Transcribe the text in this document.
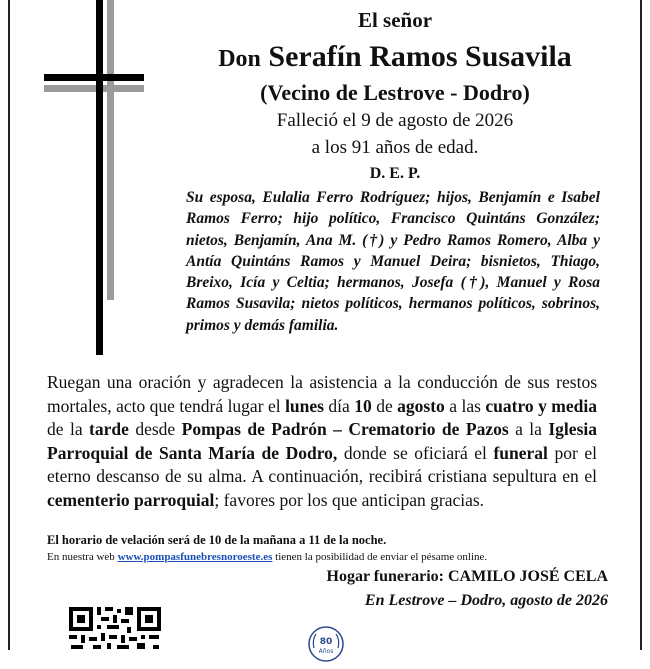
El señor
Don Serafín Ramos Susavila
(Vecino de Lestrove - Dodro)
Falleció el 9 de agosto de 2026
a los 91 años de edad.
D. E. P.
Su esposa, Eulalia Ferro Rodríguez; hijos, Benjamín e Isabel Ramos Ferro; hijo político, Francisco Quintáns González; nietos, Benjamín, Ana M. (†) y Pedro Ramos Romero, Alba y Antía Quintáns Ramos y Manuel Deira; bisnietos, Thiago, Breixo, Icía y Celtia; hermanos, Josefa (†), Manuel y Rosa Ramos Susavila; nietos políticos, hermanos políticos, sobrinos, primos y demás familia.
Ruegan una oración y agradecen la asistencia a la conducción de sus restos mortales, acto que tendrá lugar el lunes día 10 de agosto a las cuatro y media de la tarde desde Pompas de Padrón – Crematorio de Pazos a la Iglesia Parroquial de Santa María de Dodro, donde se oficiará el funeral por el eterno descanso de su alma. A continuación, recibirá cristiana sepultura en el cementerio parroquial; favores por los que anticipan gracias.
El horario de velación será de 10 de la mañana a 11 de la noche.
En nuestra web www.pompasfunebresnoroeste.es tienen la posibilidad de enviar el pésame online.
Hogar funerario: CAMILO JOSÉ CELA
En Lestrove – Dodro, agosto de 2026
80
Años
